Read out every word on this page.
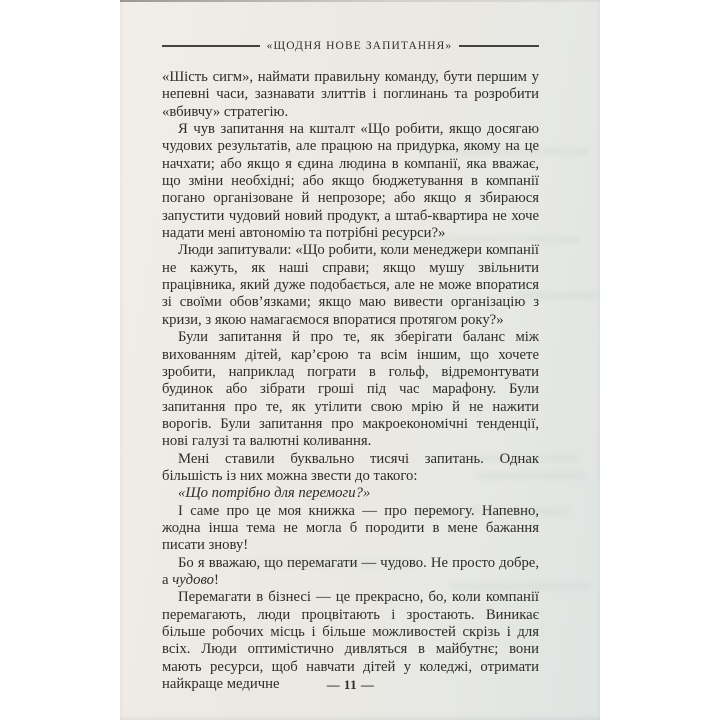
«ЩОДНЯ НОВЕ ЗАПИТАННЯ»

«Шість сигм», наймати правильну команду, бути першим у непевні часи, зазнавати злиттів і поглинань та розробити «вбивчу» стратегію.

Я чув запитання на кшталт «Що робити, якщо досягаю чудових результатів, але працюю на придурка, якому на це начхати; або якщо я єдина людина в компанії, яка вважає, що зміни необхідні; або якщо бюджетування в компанії погано організоване й непрозоре; або якщо я збираюся запустити чудовий новий продукт, а штаб-квартира не хоче надати мені автономію та потрібні ресурси?»

Люди запитували: «Що робити, коли менеджери компанії не кажуть, як наші справи; якщо мушу звільнити працівника, який дуже подобається, але не може впоратися зі своїми обов’язками; якщо маю вивести організацію з кризи, з якою намагаємося впоратися протягом року?»

Були запитання й про те, як зберігати баланс між вихованням дітей, кар’єрою та всім іншим, що хочете зробити, наприклад пограти в гольф, відремонтувати будинок або зібрати гроші під час марафону. Були запитання про те, як утілити свою мрію й не нажити ворогів. Були запитання про макроекономічні тенденції, нові галузі та валютні коливання.

Мені ставили буквально тисячі запитань. Однак більшість із них можна звести до такого:

«Що потрібно для перемоги?»

І саме про це моя книжка — про перемогу. Напевно, жодна інша тема не могла б породити в мене бажання писати знову!

Бо я вважаю, що перемагати — чудово. Не просто добре, а чудово!

Перемагати в бізнесі — це прекрасно, бо, коли компанії перемагають, люди процвітають і зростають. Виникає більше робочих місць і більше можливостей скрізь і для всіх. Люди оптимістично дивляться в майбутнє; вони мають ресурси, щоб навчати дітей у коледжі, отримати найкраще медичне	— 11 —
